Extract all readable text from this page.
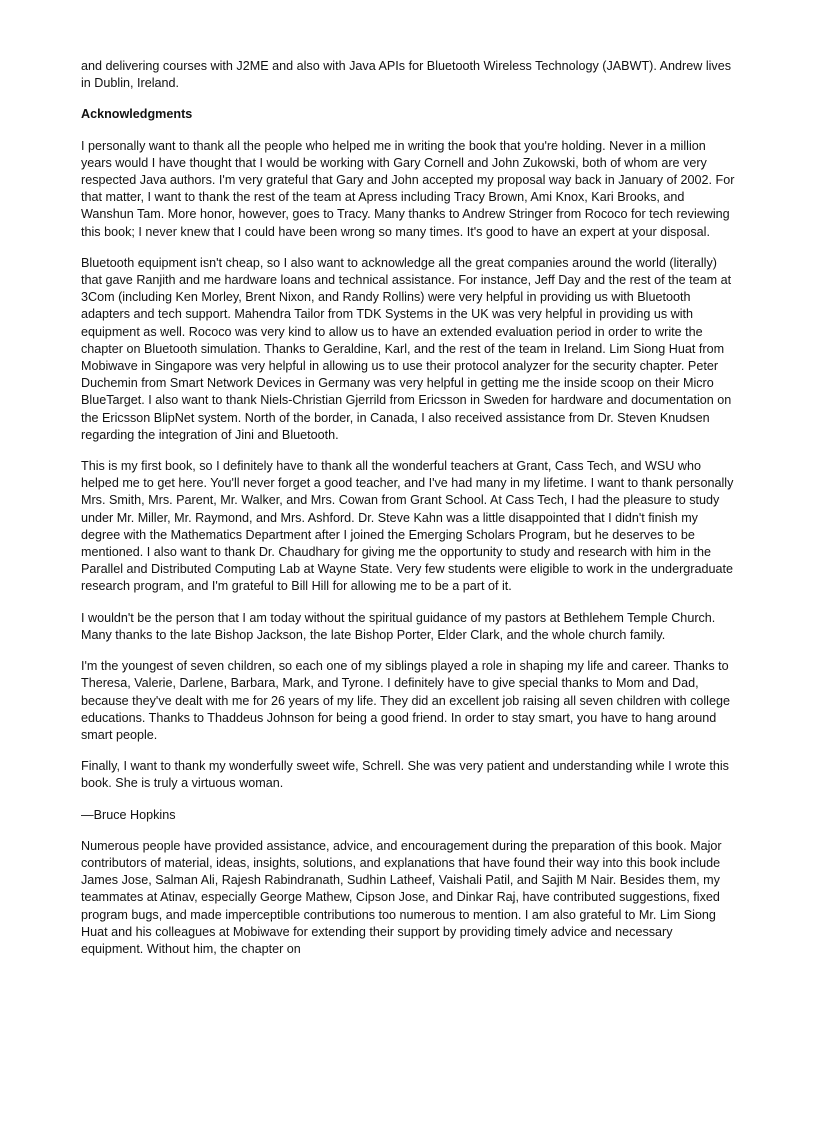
and delivering courses with J2ME and also with Java APIs for Bluetooth Wireless Technology (JABWT). Andrew lives in Dublin, Ireland.

Acknowledgments

I personally want to thank all the people who helped me in writing the book that you're holding. Never in a million years would I have thought that I would be working with Gary Cornell and John Zukowski, both of whom are very respected Java authors. I'm very grateful that Gary and John accepted my proposal way back in January of 2002. For that matter, I want to thank the rest of the team at Apress including Tracy Brown, Ami Knox, Kari Brooks, and Wanshun Tam. More honor, however, goes to Tracy. Many thanks to Andrew Stringer from Rococo for tech reviewing this book; I never knew that I could have been wrong so many times. It's good to have an expert at your disposal.

Bluetooth equipment isn't cheap, so I also want to acknowledge all the great companies around the world (literally) that gave Ranjith and me hardware loans and technical assistance. For instance, Jeff Day and the rest of the team at 3Com (including Ken Morley, Brent Nixon, and Randy Rollins) were very helpful in providing us with Bluetooth adapters and tech support. Mahendra Tailor from TDK Systems in the UK was very helpful in providing us with equipment as well. Rococo was very kind to allow us to have an extended evaluation period in order to write the chapter on Bluetooth simulation. Thanks to Geraldine, Karl, and the rest of the team in Ireland. Lim Siong Huat from Mobiwave in Singapore was very helpful in allowing us to use their protocol analyzer for the security chapter. Peter Duchemin from Smart Network Devices in Germany was very helpful in getting me the inside scoop on their Micro BlueTarget. I also want to thank Niels-Christian Gjerrild from Ericsson in Sweden for hardware and documentation on the Ericsson BlipNet system. North of the border, in Canada, I also received assistance from Dr. Steven Knudsen regarding the integration of Jini and Bluetooth.

This is my first book, so I definitely have to thank all the wonderful teachers at Grant, Cass Tech, and WSU who helped me to get here. You'll never forget a good teacher, and I've had many in my lifetime. I want to thank personally Mrs. Smith, Mrs. Parent, Mr. Walker, and Mrs. Cowan from Grant School. At Cass Tech, I had the pleasure to study under Mr. Miller, Mr. Raymond, and Mrs. Ashford. Dr. Steve Kahn was a little disappointed that I didn't finish my degree with the Mathematics Department after I joined the Emerging Scholars Program, but he deserves to be mentioned. I also want to thank Dr. Chaudhary for giving me the opportunity to study and research with him in the Parallel and Distributed Computing Lab at Wayne State. Very few students were eligible to work in the undergraduate research program, and I'm grateful to Bill Hill for allowing me to be a part of it.

I wouldn't be the person that I am today without the spiritual guidance of my pastors at Bethlehem Temple Church. Many thanks to the late Bishop Jackson, the late Bishop Porter, Elder Clark, and the whole church family.

I'm the youngest of seven children, so each one of my siblings played a role in shaping my life and career. Thanks to Theresa, Valerie, Darlene, Barbara, Mark, and Tyrone. I definitely have to give special thanks to Mom and Dad, because they've dealt with me for 26 years of my life. They did an excellent job raising all seven children with college educations. Thanks to Thaddeus Johnson for being a good friend. In order to stay smart, you have to hang around smart people.

Finally, I want to thank my wonderfully sweet wife, Schrell. She was very patient and understanding while I wrote this book. She is truly a virtuous woman.

—Bruce Hopkins

Numerous people have provided assistance, advice, and encouragement during the preparation of this book. Major contributors of material, ideas, insights, solutions, and explanations that have found their way into this book include James Jose, Salman Ali, Rajesh Rabindranath, Sudhin Latheef, Vaishali Patil, and Sajith M Nair. Besides them, my teammates at Atinav, especially George Mathew, Cipson Jose, and Dinkar Raj, have contributed suggestions, fixed program bugs, and made imperceptible contributions too numerous to mention. I am also grateful to Mr. Lim Siong Huat and his colleagues at Mobiwave for extending their support by providing timely advice and necessary equipment. Without him, the chapter on
